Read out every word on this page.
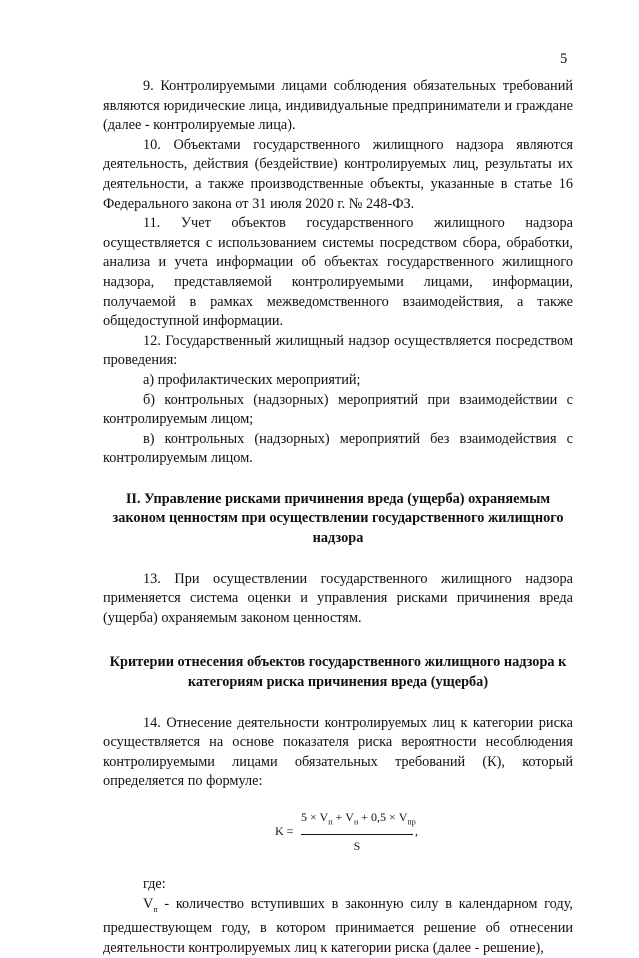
5

9. Контролируемыми лицами соблюдения обязательных требований являются юридические лица, индивидуальные предприниматели и граждане (далее - контролируемые лица).

10. Объектами государственного жилищного надзора являются деятельность, действия (бездействие) контролируемых лиц, результаты их деятельности, а также производственные объекты, указанные в статье 16 Федерального закона от 31 июля 2020 г. № 248-ФЗ.

11. Учет объектов государственного жилищного надзора осуществляется с использованием системы посредством сбора, обработки, анализа и учета информации об объектах государственного жилищного надзора, представляемой контролируемыми лицами, информации, получаемой в рамках межведомственного взаимодействия, а также общедоступной информации.

12. Государственный жилищный надзор осуществляется посредством проведения:

а) профилактических мероприятий;

б) контрольных (надзорных) мероприятий при взаимодействии с контролируемым лицом;

в) контрольных (надзорных) мероприятий без взаимодействия с контролируемым лицом.

II. Управление рисками причинения вреда (ущерба) охраняемым законом ценностям при осуществлении государственного жилищного надзора

13. При осуществлении государственного жилищного надзора применяется система оценки и управления рисками причинения вреда (ущерба) охраняемым законом ценностям.

Критерии отнесения объектов государственного жилищного надзора к категориям риска причинения вреда (ущерба)

14. Отнесение деятельности контролируемых лиц к категории риска осуществляется на основе показателя риска вероятности несоблюдения контролируемыми лицами обязательных требований (К), который определяется по формуле:

K =
$5 \times V_п + V_н + 0,5 \times V_{пр}$
S
,

где:

$V_п$ - количество вступивших в законную силу в календарном году, предшествующем году, в котором принимается решение об отнесении деятельности контролируемых лиц к категории риска (далее - решение),
